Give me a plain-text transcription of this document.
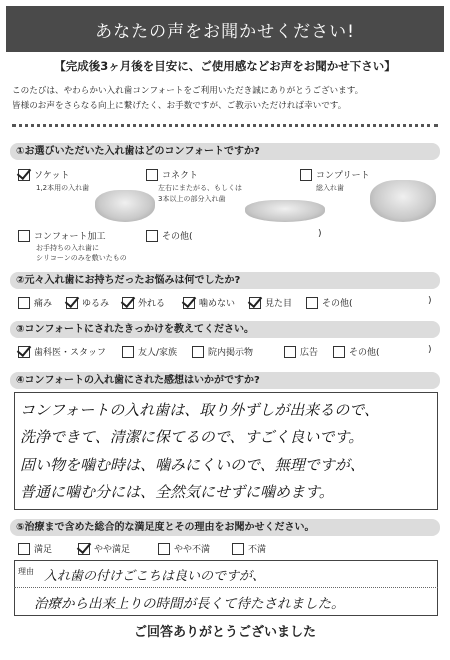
あなたの声をお聞かせください!
【完成後3ヶ月後を目安に、ご使用感などお声をお聞かせ下さい】
このたびは、やわらかい入れ歯コンフォートをご利用いただき誠にありがとうございます。
皆様のお声をさらなる向上に繋げたく、お手数ですが、ご教示いただければ幸いです。
①お選びいただいた入れ歯はどのコンフォートですか?
ソケット
1,2本用の入れ歯
コネクト
左右にまたがる、もしくは
3本以上の部分入れ歯
コンプリート
総入れ歯
コンフォート加工
お手持ちの入れ歯に
シリコーンのみを敷いたもの
その他(	)
②元々入れ歯にお持ちだったお悩みは何でしたか?
痛み	ゆるみ	外れる	噛めない	見た目	その他(	)
③コンフォートにされたきっかけを教えてください。
歯科医・スタッフ	友人/家族	院内掲示物	広告	その他(	)
④コンフォートの入れ歯にされた感想はいかがですか?
コンフォートの入れ歯は、取り外ずしが出来るので、
洗浄できて、清潔に保てるので、すごく良いです。
固い物を噛む時は、噛みにくいので、無理ですが、
普通に噛む分には、全然気にせずに噛めます。
⑤治療まで含めた総合的な満足度とその理由をお聞かせください。
満足	やや満足	やや不満	不満
理由 入れ歯の付けごこちは良いのですが、
治療から出来上りの時間が長くて待たされました。
ご回答ありがとうございました
